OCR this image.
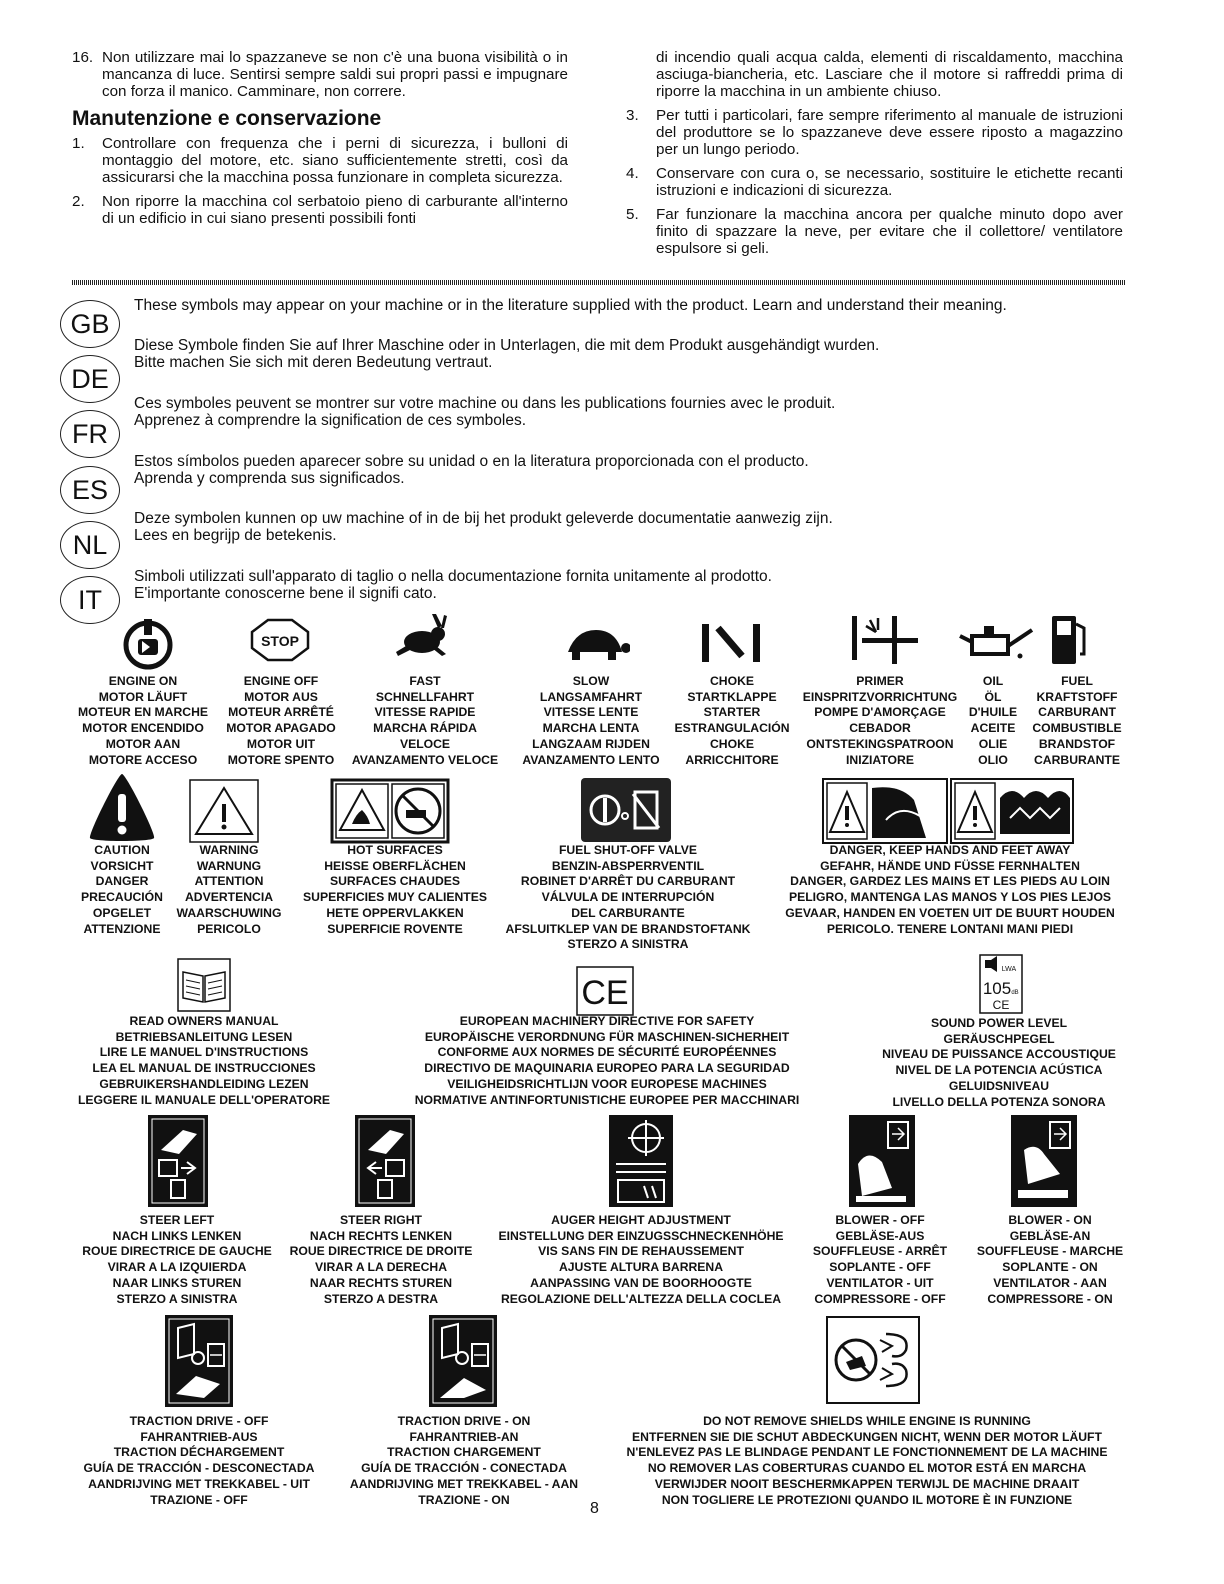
16. Non utilizzare mai lo spazzaneve se non c'è una buona visibilità o in mancanza di luce. Sentirsi sempre saldi sui propri passi e impugnare con forza il manico. Camminare, non correre.
Manutenzione e conservazione
1.	Controllare con frequenza che i perni di sicurezza, i bulloni di montaggio del motore, etc. siano sufficientemente stretti, così da assicurarsi che la macchina possa funzionare in completa sicurezza.
2.	Non riporre la macchina col serbatoio pieno di carburante all'interno di un edificio in cui siano presenti possibili fonti
di incendio quali acqua calda, elementi di riscaldamento, macchina asciuga-biancheria, etc. Lasciare che il motore si raffreddi prima di riporre la macchina in un ambiente chiuso.
3.	Per tutti i particolari, fare sempre riferimento al manuale de istruzioni del produttore se lo spazzaneve deve essere riposto a magazzino per un lungo periodo.
4.	Conservare con cura o, se necessario, sostituire le etichette recanti istruzioni e indicazioni di sicurezza.
5.	Far funzionare la macchina ancora per qualche minuto dopo aver finito di spazzare la neve, per evitare che il collettore/ ventilatore espulsore si geli.
GB
DE
FR
ES
NL
IT
These symbols may appear on your machine or in the literature supplied with the product. Learn and understand their meaning.
Diese Symbole finden Sie auf Ihrer Maschine oder in Unterlagen, die mit dem Produkt ausgehändigt wurden.
Bitte machen Sie sich mit deren Bedeutung vertraut.
Ces symboles peuvent se montrer sur votre machine ou dans les publications fournies avec le produit.
Apprenez à comprendre la signification de ces symboles.
Estos símbolos pueden aparecer sobre su unidad o en la literatura proporcionada con el producto.
Aprenda y comprenda sus significados.
Deze symbolen kunnen op uw machine of in de bij het produkt geleverde documentatie aanwezig zijn.
Lees en begrijp de betekenis.
Simboli utilizzati sull'apparato di taglio o nella documentazione fornita unitamente al prodotto.
E'importante conoscerne bene il signifi cato.
STOP
ENGINE ON
MOTOR LÄUFT
MOTEUR EN MARCHE
MOTOR ENCENDIDO
MOTOR AAN
MOTORE ACCESO
ENGINE OFF
MOTOR AUS
MOTEUR ARRÊTÉ
MOTOR APAGADO
MOTOR UIT
MOTORE SPENTO
FAST
SCHNELLFAHRT
VITESSE RAPIDE
MARCHA RÁPIDA
VELOCE
AVANZAMENTO VELOCE
SLOW
LANGSAMFAHRT
VITESSE LENTE
MARCHA LENTA
LANGZAAM RIJDEN
AVANZAMENTO LENTO
CHOKE
STARTKLAPPE
STARTER
ESTRANGULACIÓN
CHOKE
ARRICCHITORE
PRIMER
EINSPRITZVORRICHTUNG
POMPE D'AMORÇAGE
CEBADOR
ONTSTEKINGSPATROON
INIZIATORE
OIL
ÖL
D'HUILE
ACEITE
OLIE
OLIO
FUEL
KRAFTSTOFF
CARBURANT
COMBUSTIBLE
BRANDSTOF
CARBURANTE
CAUTION
VORSICHT
DANGER
PRECAUCIÓN
OPGELET
ATTENZIONE
WARNING
WARNUNG
ATTENTION
ADVERTENCIA
WAARSCHUWING
PERICOLO
HOT SURFACES
HEISSE OBERFLÄCHEN
SURFACES CHAUDES
SUPERFICIES MUY CALIENTES
HETE OPPERVLAKKEN
SUPERFICIE ROVENTE
FUEL SHUT-OFF VALVE
BENZIN-ABSPERRVENTIL
ROBINET D'ARRÊT DU CARBURANT
VÁLVULA DE INTERRUPCIÓN
DEL CARBURANTE
AFSLUITKLEP VAN DE BRANDSTOFTANK
STERZO A SINISTRA
DANGER, KEEP HANDS AND FEET AWAY
GEFAHR, HÄNDE UND FÜSSE FERNHALTEN
DANGER, GARDEZ LES MAINS ET LES PIEDS AU LOIN
PELIGRO, MANTENGA LAS MANOS Y LOS PIES LEJOS
GEVAAR, HANDEN EN VOETEN UIT DE BUURT HOUDEN
PERICOLO. TENERE LONTANI MANI PIEDI
CE
LWA
105 dB
CE
READ OWNERS MANUAL
BETRIEBSANLEITUNG LESEN
LIRE LE MANUEL D'INSTRUCTIONS
LEA EL MANUAL DE INSTRUCCIONES
GEBRUIKERSHANDLEIDING LEZEN
LEGGERE IL MANUALE DELL'OPERATORE
EUROPEAN MACHINERY DIRECTIVE FOR SAFETY
EUROPÄISCHE VERORDNUNG FÜR MASCHINEN-SICHERHEIT
CONFORME AUX NORMES DE SÉCURITÉ EUROPÉENNES
DIRECTIVO DE MAQUINARIA EUROPEO PARA LA SEGURIDAD
VEILIGHEIDSRICHTLIJN VOOR EUROPESE MACHINES
NORMATIVE ANTINFORTUNISTICHE EUROPEE PER MACCHINARI
SOUND POWER LEVEL
GERÄUSCHPEGEL
NIVEAU DE PUISSANCE ACCOUSTIQUE
NIVEL DE LA POTENCIA ACÚSTICA
GELUIDSNIVEAU
LIVELLO DELLA POTENZA SONORA
STEER LEFT
NACH LINKS LENKEN
ROUE DIRECTRICE DE GAUCHE
VIRAR A LA IZQUIERDA
NAAR LINKS STUREN
STERZO A SINISTRA
STEER RIGHT
NACH RECHTS LENKEN
ROUE DIRECTRICE DE DROITE
VIRAR A LA DERECHA
NAAR RECHTS STUREN
STERZO A DESTRA
AUGER HEIGHT ADJUSTMENT
EINSTELLUNG DER EINZUGSSCHNECKENHÖHE
VIS SANS FIN DE REHAUSSEMENT
AJUSTE ALTURA BARRENA
AANPASSING VAN DE BOORHOOGTE
REGOLAZIONE DELL'ALTEZZA DELLA COCLEA
BLOWER - OFF
GEBLÄSE-AUS
SOUFFLEUSE - ARRÊT
SOPLANTE - OFF
VENTILATOR - UIT
COMPRESSORE - OFF
BLOWER - ON
GEBLÄSE-AN
SOUFFLEUSE - MARCHE
SOPLANTE - ON
VENTILATOR - AAN
COMPRESSORE - ON
TRACTION DRIVE - OFF
FAHRANTRIEB-AUS
TRACTION DÉCHARGEMENT
GUÍA DE TRACCIÓN - DESCONECTADA
AANDRIJVING MET TREKKABEL - UIT
TRAZIONE - OFF
TRACTION DRIVE - ON
FAHRANTRIEB-AN
TRACTION CHARGEMENT
GUÍA DE TRACCIÓN - CONECTADA
AANDRIJVING MET TREKKABEL - AAN
TRAZIONE - ON
DO NOT REMOVE SHIELDS WHILE ENGINE IS RUNNING
ENTFERNEN SIE DIE SCHUT ABDECKUNGEN NICHT, WENN DER MOTOR LÄUFT
N'ENLEVEZ PAS LE BLINDAGE PENDANT LE FONCTIONNEMENT DE LA MACHINE
NO REMOVER LAS COBERTURAS CUANDO EL MOTOR ESTÁ EN MARCHA
VERWIJDER NOOIT BESCHERMKAPPEN TERWIJL DE MACHINE DRAAIT
NON TOGLIERE LE PROTEZIONI QUANDO IL MOTORE È IN FUNZIONE
8
